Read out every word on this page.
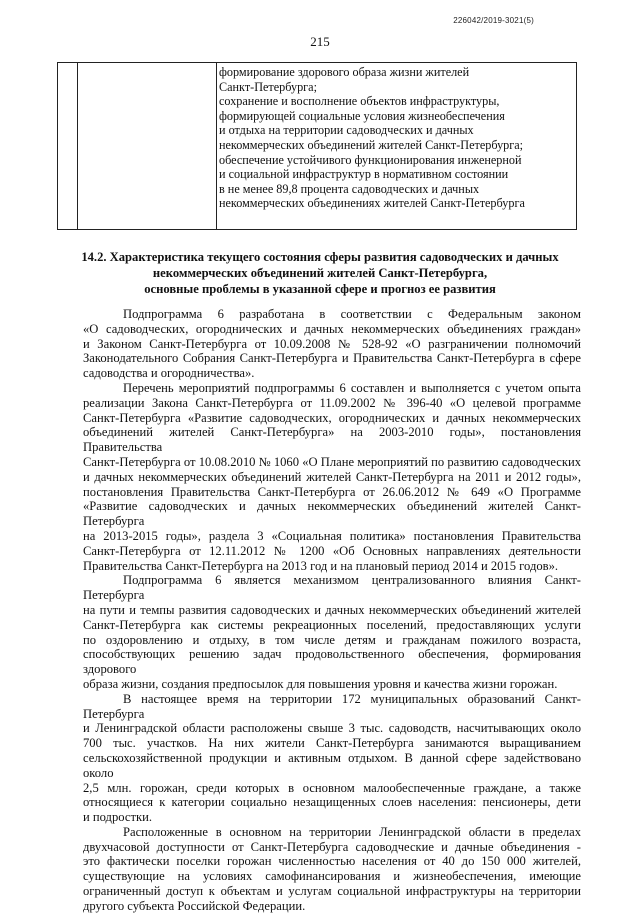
226042/2019-3021(5)
215
формирование здорового образа жизни жителей
Санкт-Петербурга;
сохранение и восполнение объектов инфраструктуры,
формирующей социальные условия жизнеобеспечения
и отдыха на территории садоводческих и дачных
некоммерческих объединений жителей Санкт-Петербурга;
обеспечение устойчивого функционирования инженерной
и социальной инфраструктур в нормативном состоянии
в не менее 89,8 процента садоводческих и дачных
некоммерческих объединениях жителей Санкт-Петербурга
14.2. Характеристика текущего состояния сферы развития садоводческих и дачных
некоммерческих объединений жителей Санкт-Петербурга,
основные проблемы в указанной сфере и прогноз ее развития
Подпрограмма 6 разработана в соответствии с Федеральным законом
«О садоводческих, огороднических и дачных некоммерческих объединениях граждан»
и Законом Санкт-Петербурга от 10.09.2008 № 528-92 «О разграничении полномочий
Законодательного Собрания Санкт-Петербурга и Правительства Санкт-Петербурга в сфере
садоводства и огородничества».
Перечень мероприятий подпрограммы 6 составлен и выполняется с учетом опыта
реализации Закона Санкт-Петербурга от 11.09.2002 № 396-40 «О целевой программе
Санкт-Петербурга «Развитие садоводческих, огороднических и дачных некоммерческих
объединений жителей Санкт-Петербурга» на 2003-2010 годы», постановления Правительства
Санкт-Петербурга от 10.08.2010 № 1060 «О Плане мероприятий по развитию садоводческих
и дачных некоммерческих объединений жителей Санкт-Петербурга на 2011 и 2012 годы»,
постановления Правительства Санкт-Петербурга от 26.06.2012 № 649 «О Программе
«Развитие садоводческих и дачных некоммерческих объединений жителей Санкт-Петербурга
на 2013-2015 годы», раздела 3 «Социальная политика» постановления Правительства
Санкт-Петербурга от 12.11.2012 № 1200 «Об Основных направлениях деятельности
Правительства Санкт-Петербурга на 2013 год и на плановый период 2014 и 2015 годов».
Подпрограмма 6 является механизмом централизованного влияния Санкт-Петербурга
на пути и темпы развития садоводческих и дачных некоммерческих объединений жителей
Санкт-Петербурга как системы рекреационных поселений, предоставляющих услуги
по оздоровлению и отдыху, в том числе детям и гражданам пожилого возраста,
способствующих решению задач продовольственного обеспечения, формирования здорового
образа жизни, создания предпосылок для повышения уровня и качества жизни горожан.
В настоящее время на территории 172 муниципальных образований Санкт-Петербурга
и Ленинградской области расположены свыше 3 тыс. садоводств, насчитывающих около
700 тыс. участков. На них жители Санкт-Петербурга занимаются выращиванием
сельскохозяйственной продукции и активным отдыхом. В данной сфере задействовано около
2,5 млн. горожан, среди которых в основном малообеспеченные граждане, а также
относящиеся к категории социально незащищенных слоев населения: пенсионеры, дети
и подростки.
Расположенные в основном на территории Ленинградской области в пределах
двухчасовой доступности от Санкт-Петербурга садоводческие и дачные объединения -
это фактически поселки горожан численностью населения от 40 до 150 000 жителей,
существующие на условиях самофинансирования и жизнеобеспечения, имеющие
ограниченный доступ к объектам и услугам социальной инфраструктуры на территории
другого субъекта Российской Федерации.
